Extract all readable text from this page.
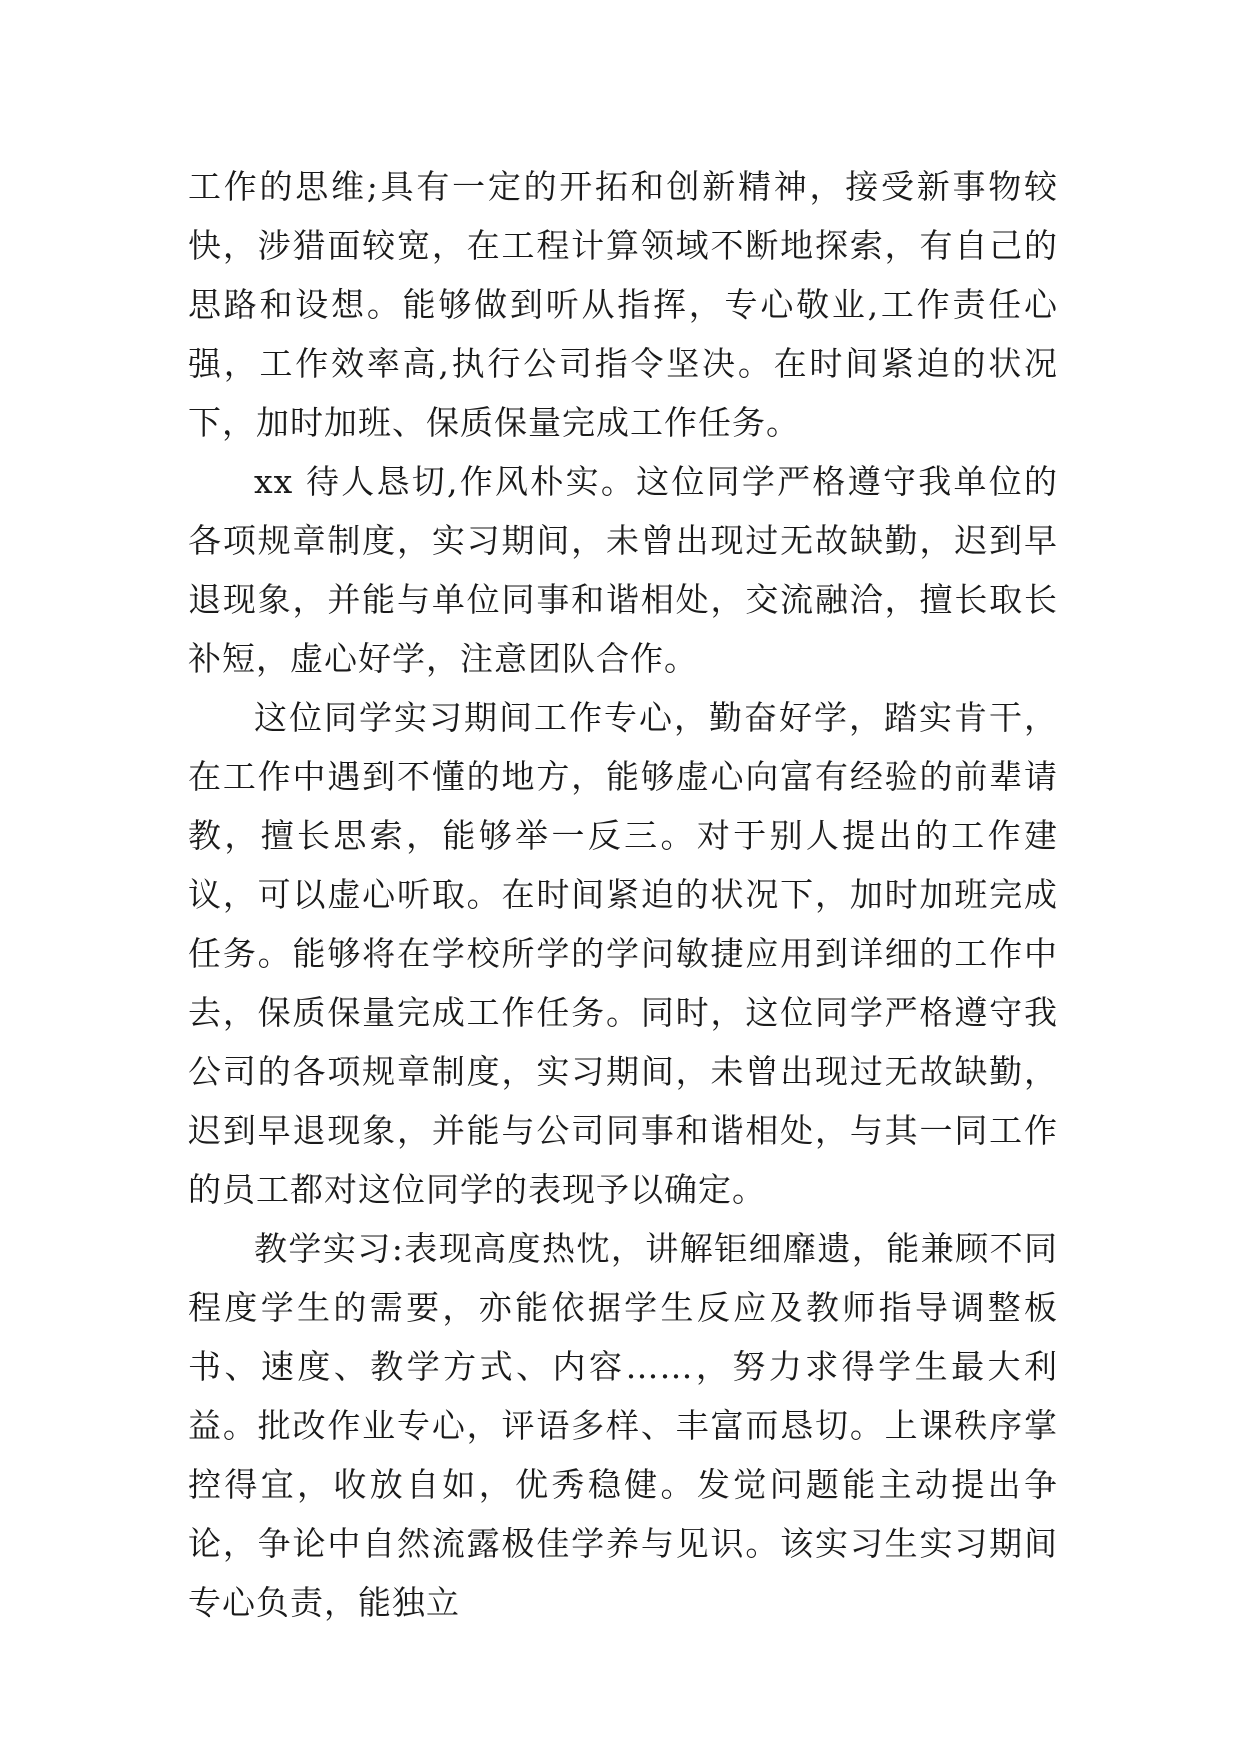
工作的思维;具有一定的开拓和创新精神，接受新事物较快，涉猎面较宽，在工程计算领域不断地探索，有自己的思路和设想。能够做到听从指挥，专心敬业,工作责任心强，工作效率高,执行公司指令坚决。在时间紧迫的状况下，加时加班、保质保量完成工作任务。

xx 待人恳切,作风朴实。这位同学严格遵守我单位的各项规章制度，实习期间，未曾出现过无故缺勤，迟到早退现象，并能与单位同事和谐相处，交流融洽，擅长取长补短，虚心好学，注意团队合作。

这位同学实习期间工作专心，勤奋好学，踏实肯干，在工作中遇到不懂的地方，能够虚心向富有经验的前辈请教，擅长思索，能够举一反三。对于别人提出的工作建议，可以虚心听取。在时间紧迫的状况下，加时加班完成任务。能够将在学校所学的学问敏捷应用到详细的工作中去，保质保量完成工作任务。同时，这位同学严格遵守我公司的各项规章制度，实习期间，未曾出现过无故缺勤，迟到早退现象，并能与公司同事和谐相处，与其一同工作的员工都对这位同学的表现予以确定。

教学实习:表现高度热忱，讲解钜细靡遗，能兼顾不同程度学生的需要，亦能依据学生反应及教师指导调整板书、速度、教学方式、内容……，努力求得学生最大利益。批改作业专心，评语多样、丰富而恳切。上课秩序掌控得宜，收放自如，优秀稳健。发觉问题能主动提出争论，争论中自然流露极佳学养与见识。该实习生实习期间专心负责，能独立
